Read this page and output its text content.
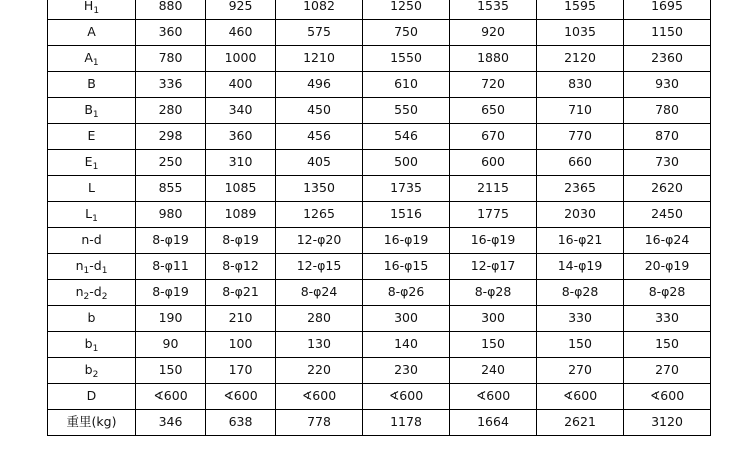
$H_1$	880	925	1082	1250	1535	1595	1695
A	360	460	575	750	920	1035	1150
$A_1$	780	1000	1210	1550	1880	2120	2360
B	336	400	496	610	720	830	930
$B_1$	280	340	450	550	650	710	780
E	298	360	456	546	670	770	870
$E_1$	250	310	405	500	600	660	730
L	855	1085	1350	1735	2115	2365	2620
$L_1$	980	1089	1265	1516	1775	2030	2450
n-d	8-φ19	8-φ19	12-φ20	16-φ19	16-φ19	16-φ21	16-φ24
$n_1-d_1$	8-φ11	8-φ12	12-φ15	16-φ15	12-φ17	14-φ19	20-φ19
$n_2-d_2$	8-φ19	8-φ21	8-φ24	8-φ26	8-φ28	8-φ28	8-φ28
b	190	210	280	300	300	330	330
$b_1$	90	100	130	140	150	150	150
$b_2$	150	170	220	230	240	270	270
D	∢600	∢600	∢600	∢600	∢600	∢600	∢600
重里(kg)	346	638	778	1178	1664	2621	3120
